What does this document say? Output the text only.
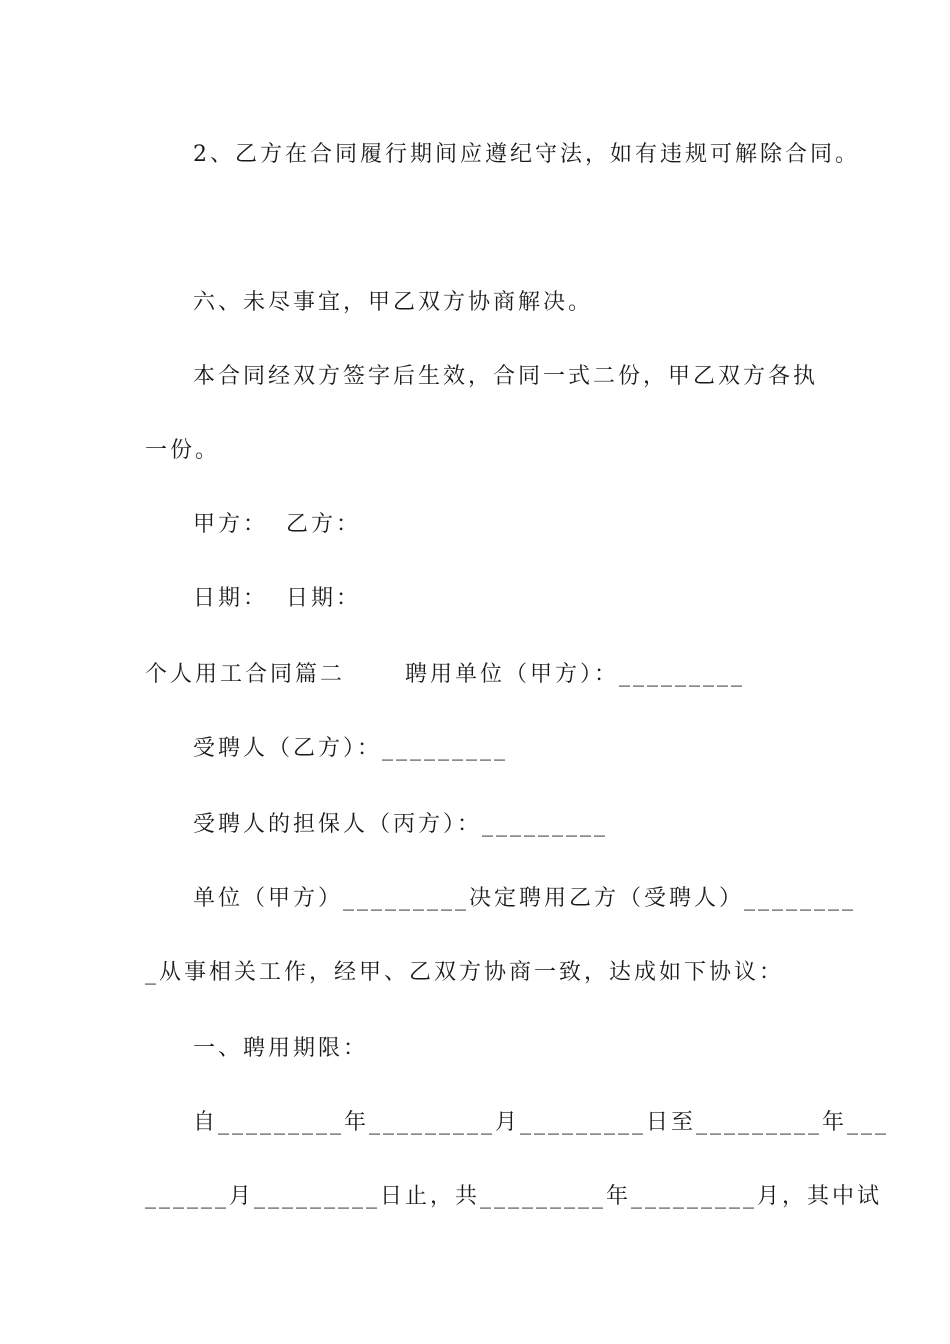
2、乙方在合同履行期间应遵纪守法，如有违规可解除合同。
六、未尽事宜，甲乙双方协商解决。
本合同经双方签字后生效，合同一式二份，甲乙双方各执
一份。
甲方： 乙方：
日期： 日期：
个人用工合同篇二	聘用单位（甲方）：_________
受聘人（乙方）：_________
受聘人的担保人（丙方）：_________
单位（甲方）_________决定聘用乙方（受聘人）________
_从事相关工作，经甲、乙双方协商一致，达成如下协议：
一、聘用期限：
自_________年_________月_________日至_________年___
______月_________日止，共_________年_________月，其中试
